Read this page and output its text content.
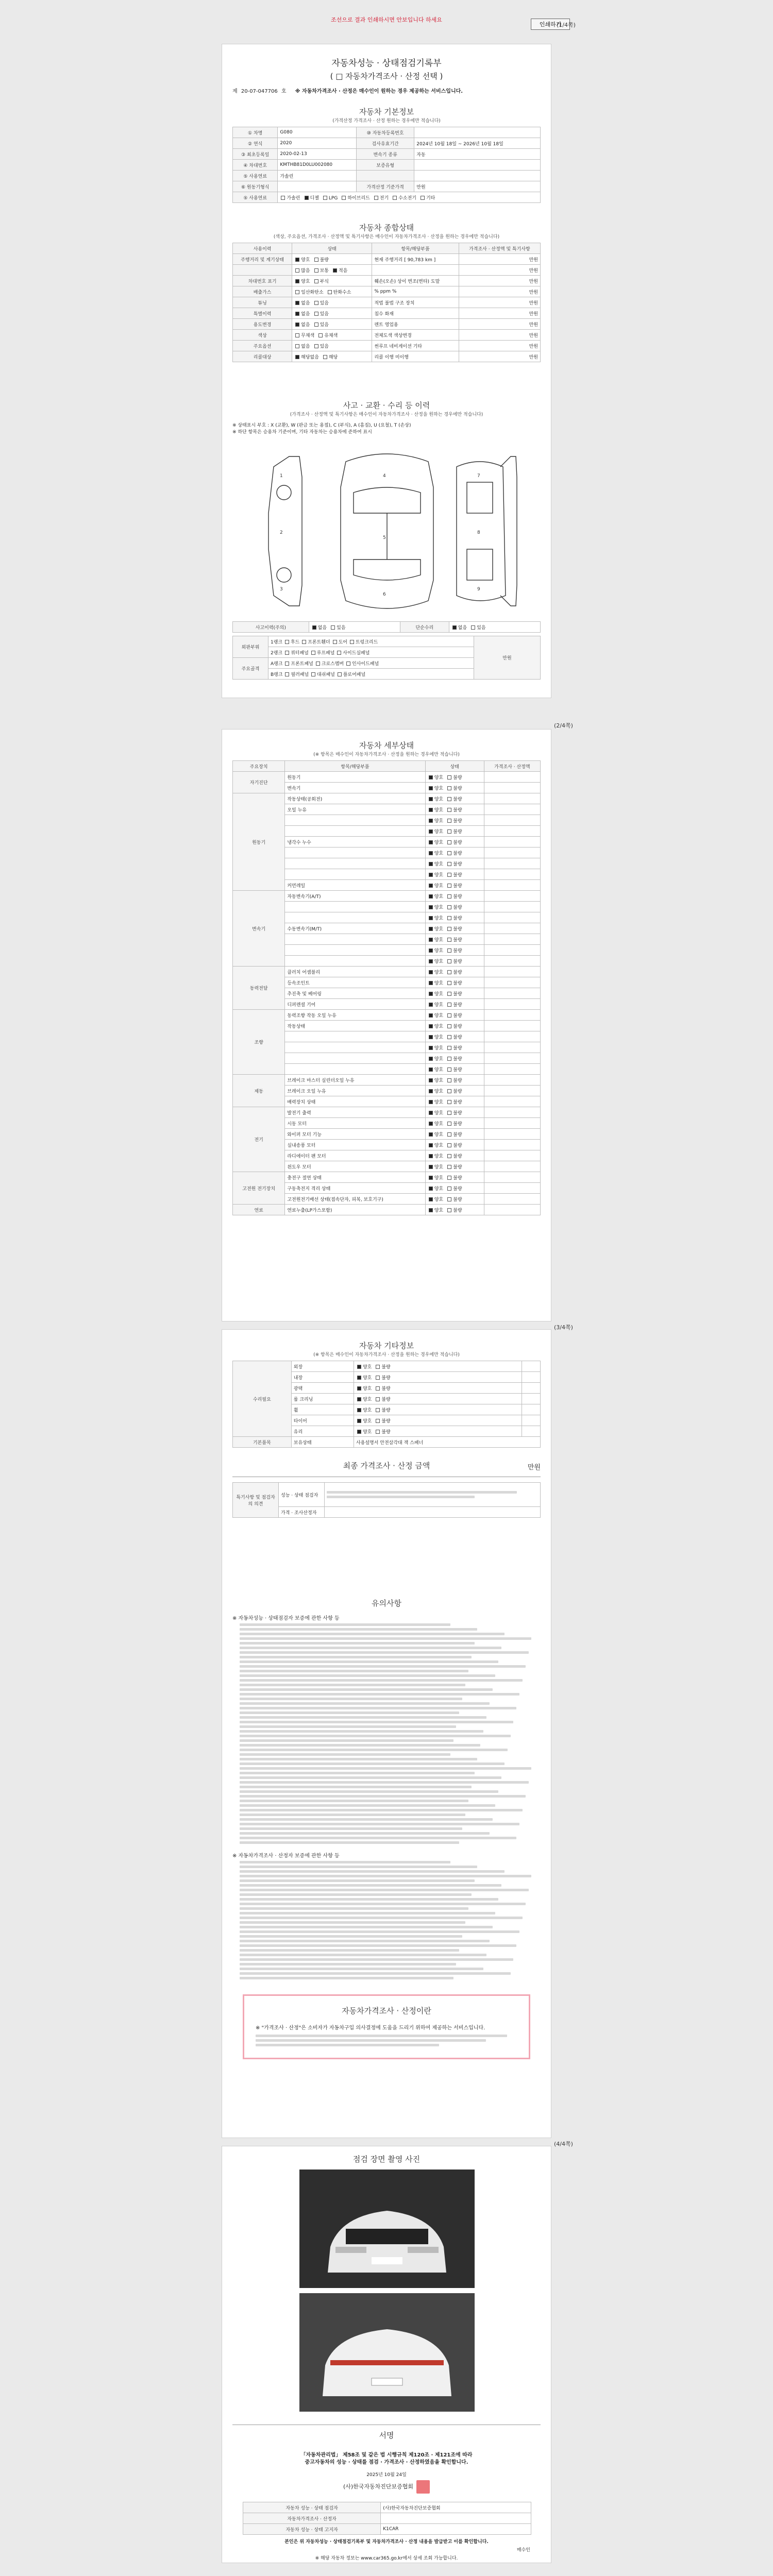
조선으로 결과 인쇄하시면 안보입니다 하세요
인쇄하기
(1/4쪽)
자동차성능 · 상태점검기록부
( □ 자동차가격조사 · 산정 선택 )
제 20-07-047706 호 ※ 자동차가격조사 · 산정은 매수인이 원하는 경우 제공하는 서비스입니다.
자동차 기본정보
(가격산정 가격조사 · 산정 원하는 경우에만 적습니다)
① 차명	G080	⑩ 자동차등록번호	
② 연식	2020	검사유효기간	2024년 10월 18일 ~ 2026년 10월 18일
③ 최초등록일	2020-02-13	변속기 종류	자동
④ 차대번호	KMTHB81D0LU002080	보증유형	
⑤ 사용연료	가솔린		
⑥ 원동기형식		가격산정 기준가격	만원
⑤ 사용연료	가솔린 디젤 LPG 하이브리드 전기 수소전기 기타		
자동차 종합상태
(색상, 주요옵션, 가격조사 · 산정액 및 특기사항은 매수인이 자동차가격조사 · 산정을 원하는 경우에만 적습니다)
사용이력	상태	항목/해당부품	가격조사 · 산정액 및 특기사항
주행거리 및 계기상태	양호 불량	현재 주행거리 [ 90,783 km ]	만원
	많음 보통 적음		만원
차대번호 표기	양호 부식	훼손(오손) 상이 변조(변타) 도말	만원
배출가스	일산화탄소 탄화수소	% ppm %	만원
튜닝	없음 있음	적법 불법 구조 장치	만원
특별이력	없음 있음	침수 화재	만원
용도변경	없음 있음	렌트 영업용	만원
색상	무채색 유채색	전체도색 색상변경	만원
주요옵션	없음 있음	썬루프 네비게이션 기타	만원
리콜대상	해당없음 해당	리콜 이행 미이행	만원
사고 · 교환 · 수리 등 이력
(가격조사 · 산정액 및 특기사항은 매수인이 자동차가격조사 · 산정을 원하는 경우에만 적습니다)
※ 상태표시 부호 : X (교환), W (판금 또는 용접), C (부식), A (흠집), U (요철), T (손상)
※ 하단 항목은 승용차 기준이며, 기타 자동차는 승용차에 준하여 표시
1
2
3
4
5
6
7
8
9
사고이력(주의)	없음 있음	단순수리	없음 있음
외판부위	1랭크 후드 프론트휀더 도어 트렁크리드	만원
	2랭크 쿼터패널 루프패널 사이드실패널	
주요골격	A랭크 프론트패널 크로스멤버 인사이드패널	
	B랭크 필러패널 대쉬패널 플로어패널	
(2/4쪽)
자동차 세부상태
(※ 항목은 매수인이 자동차가격조사 · 산정을 원하는 경우에만 적습니다)
주요장치	항목/해당부품	상태	가격조사 · 산정액
자기진단	원동기	양호 불량	
	변속기	양호 불량	
원동기	작동상태(공회전)	양호 불량	
	오일 누유	양호 불량	
		양호 불량	
		양호 불량	
	냉각수 누수	양호 불량	
		양호 불량	
		양호 불량	
		양호 불량	
	커먼레일	양호 불량	
변속기	자동변속기(A/T)	양호 불량	
		양호 불량	
		양호 불량	
	수동변속기(M/T)	양호 불량	
		양호 불량	
		양호 불량	
		양호 불량	
동력전달	클러치 어셈블리	양호 불량	
	등속조인트	양호 불량	
	추진축 및 베어링	양호 불량	
	디퍼렌셜 기어	양호 불량	
조향	동력조향 작동 오일 누유	양호 불량	
	작동상태	양호 불량	
		양호 불량	
		양호 불량	
		양호 불량	
		양호 불량	
제동	브레이크 마스터 실린더오일 누유	양호 불량	
	브레이크 오일 누유	양호 불량	
	배력장치 상태	양호 불량	
전기	발전기 출력	양호 불량	
	시동 모터	양호 불량	
	와이퍼 모터 기능	양호 불량	
	실내송풍 모터	양호 불량	
	라디에이터 팬 모터	양호 불량	
	윈도우 모터	양호 불량	
고전원 전기장치	충전구 절연 상태	양호 불량	
	구동축전지 격리 상태	양호 불량	
	고전원전기배선 상태(접속단자, 피복, 보호기구)	양호 불량	
연료	연료누출(LP가스포함)	양호 불량	
(3/4쪽)
자동차 기타정보
(※ 항목은 매수인이 자동차가격조사 · 산정을 원하는 경우에만 적습니다)
수리필요	외장	양호 불량	
	내장	양호 불량	
	광택	양호 불량	
	룸 크리닝	양호 불량	
	휠	양호 불량	
	타이어	양호 불량	
	유리	양호 불량	
기본품목	보유상태	사용설명서 안전삼각대 잭 스패너	
최종 가격조사 · 산정 금액	만원
특기사항 및 점검자의 의견	성능 · 상태 점검자	

	가격 · 조사산정자	
유의사항
※ 자동차성능 · 상태점검자 보증에 관한 사항 등
※ 자동차가격조사 · 산정자 보증에 관한 사항 등
자동차가격조사 · 산정이란
※ "가격조사 · 산정"은 소비자가 자동차구입 의사결정에 도움을 드리기 위하여 제공하는 서비스입니다.
(4/4쪽)
점검 장면 촬영 사진
서명
「자동차관리법」 제58조 및 같은 법 시행규칙 제120조 · 제121조에 따라
중고자동차의 성능 · 상태를 점검 · 가격조사 · 산정하였음을 확인합니다.
2025년 10월 24일
(사)한국자동차진단보증협회
자동차 성능 · 상태 점검자	(사)한국자동차진단보증협회
자동차가격조사 · 산정자	
자동차 성능 · 상태 고지자	K1CAR
본인은 위 자동차성능 · 상태점검기록부 및 자동차가격조사 · 산정 내용을 발급받고 이를 확인합니다.
매수인
※ 해당 자동차 정보는 www.car365.go.kr에서 상세 조회 가능합니다.
